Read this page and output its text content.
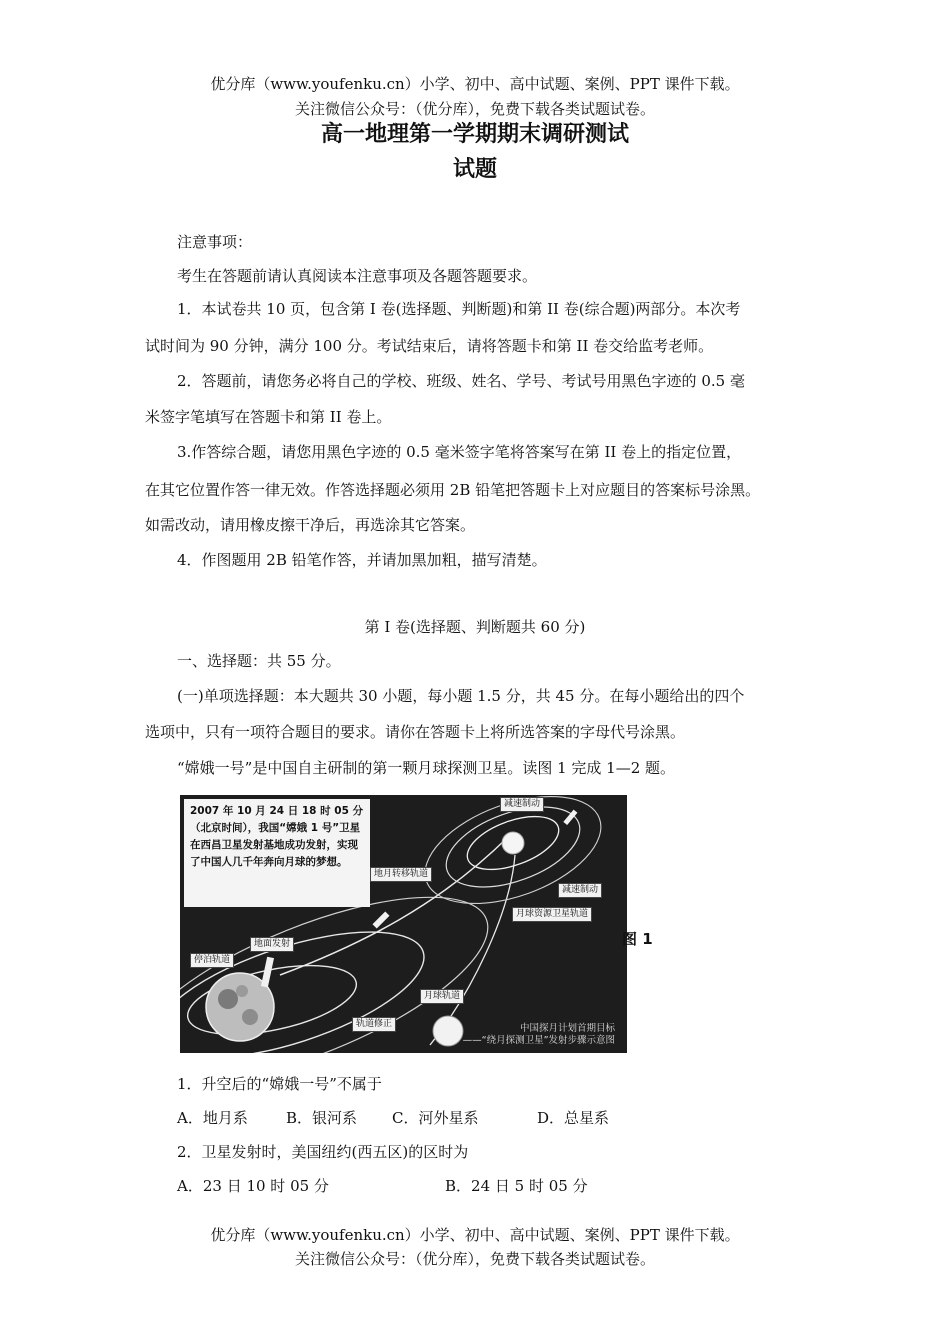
优分库（www.youfenku.cn）小学、初中、高中试题、案例、PPT 课件下载。
关注微信公众号：（优分库），免费下载各类试题试卷。
高一地理第一学期期末调研测试
试题
注意事项：
考生在答题前请认真阅读本注意事项及各题答题要求。
1．本试卷共 10 页，包含第 I 卷(选择题、判断题)和第 II 卷(综合题)两部分。本次考
试时间为 90 分钟，满分 100 分。考试结束后，请将答题卡和第 II 卷交给监考老师。
2．答题前，请您务必将自己的学校、班级、姓名、学号、考试号用黑色字迹的 0.5 毫
米签字笔填写在答题卡和第 II 卷上。
3.作答综合题，请您用黑色字迹的 0.5 毫米签字笔将答案写在第 II 卷上的指定位置，
在其它位置作答一律无效。作答选择题必须用 2B 铅笔把答题卡上对应题目的答案标号涂黑。
如需改动，请用橡皮擦干净后，再选涂其它答案。
4．作图题用 2B 铅笔作答，并请加黑加粗，描写清楚。
第 I 卷(选择题、判断题共 60 分)
一、选择题：共 55 分。
(一)单项选择题：本大题共 30 小题，每小题 1.5 分，共 45 分。在每小题给出的四个
选项中，只有一项符合题目的要求。请你在答题卡上将所选答案的字母代号涂黑。
“嫦娥一号”是中国自主研制的第一颗月球探测卫星。读图 1 完成 1—2 题。
2007 年 10 月 24 日 18 时 05 分（北京时间），我国“嫦娥 1 号”卫星在西昌卫星发射基地成功发射，实现了中国人几千年奔向月球的梦想。
减速制动
地月转移轨道
减速制动
月球资源卫星轨道
地面发射
停泊轨道
月球轨道
轨道修正	中国探月计划首期目标
——“绕月探测卫星”发射步骤示意图
图 1
1．升空后的“嫦娥一号”不属于
A．地月系	B．银河系 C．河外星系	D．总星系
2．卫星发射时，美国纽约(西五区)的区时为
A．23 日 10 时 05 分	B．24 日 5 时 05 分
优分库（www.youfenku.cn）小学、初中、高中试题、案例、PPT 课件下载。
关注微信公众号：（优分库），免费下载各类试题试卷。
